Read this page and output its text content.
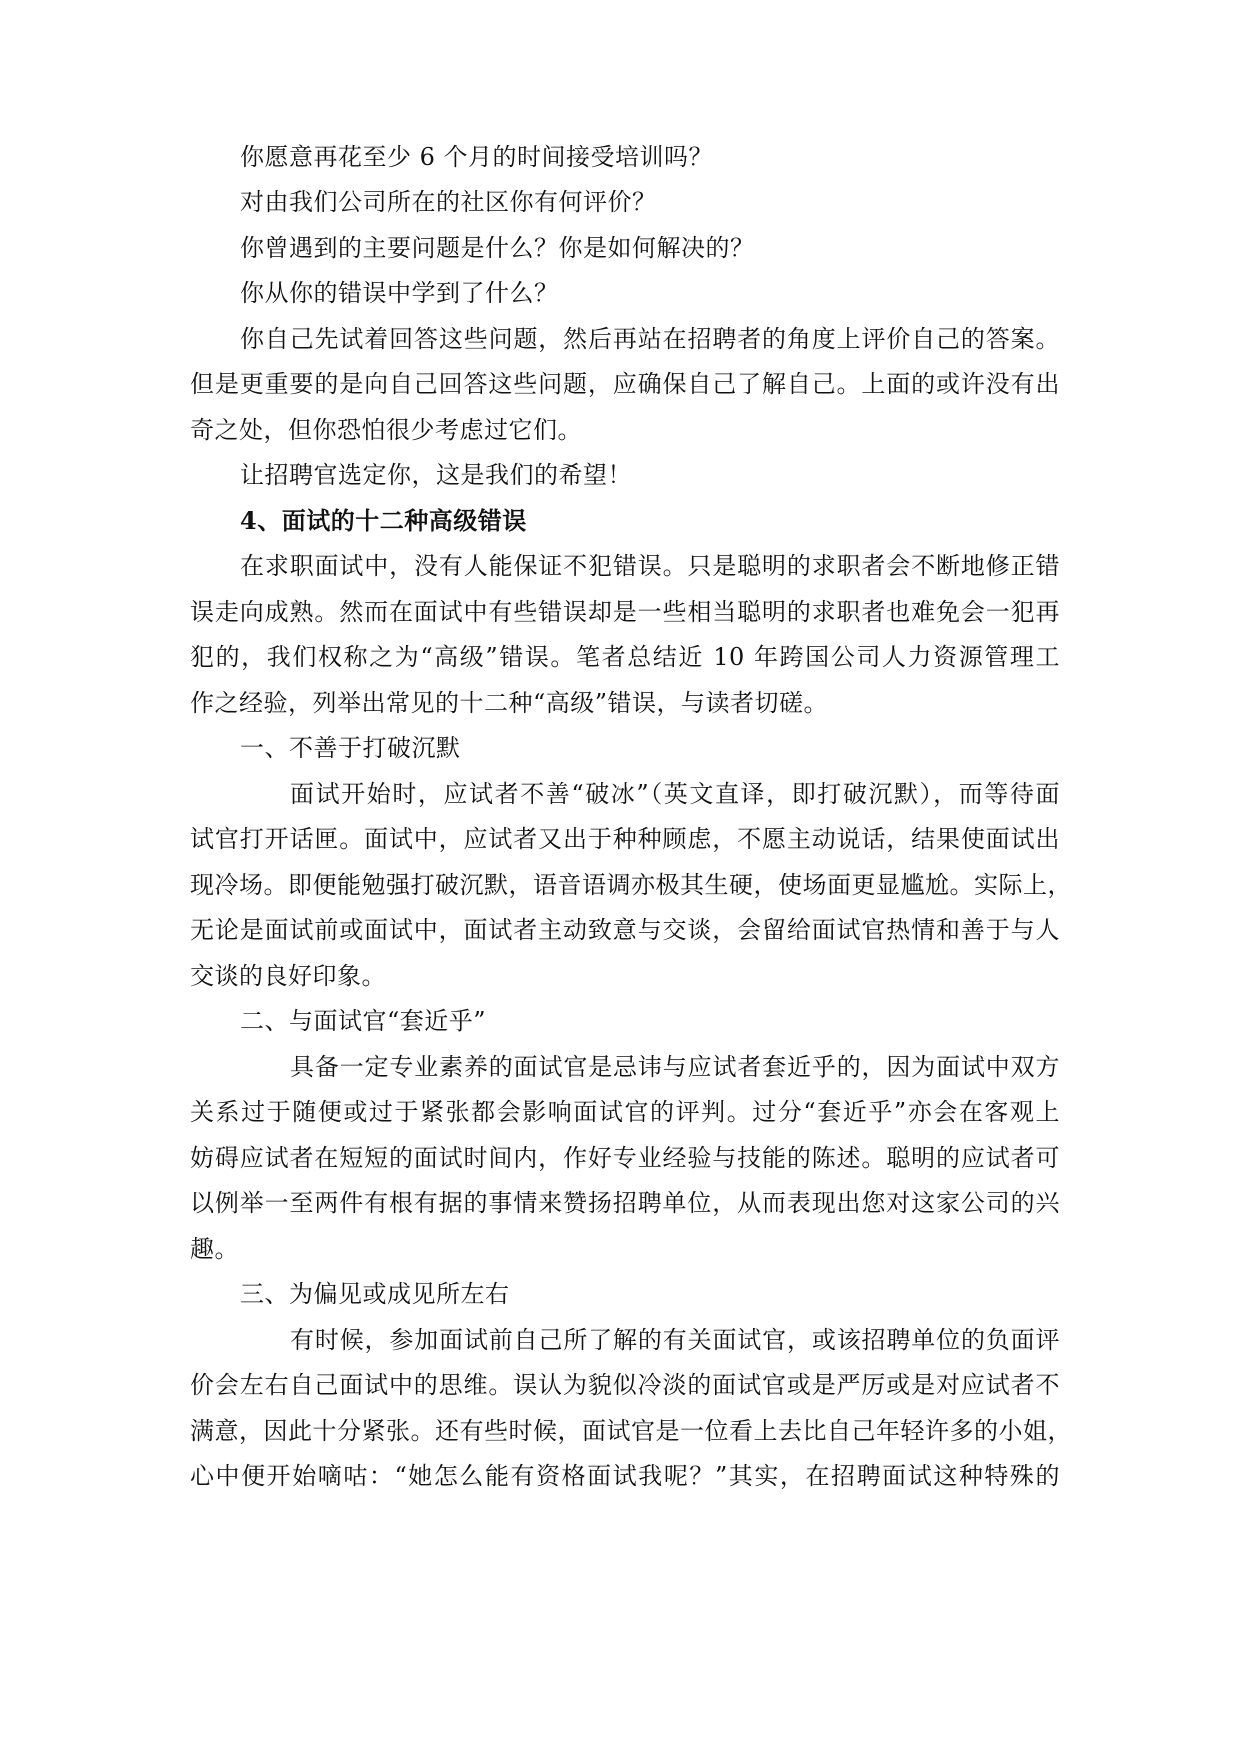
你愿意再花至少 6 个月的时间接受培训吗？
对由我们公司所在的社区你有何评价？
你曾遇到的主要问题是什么？你是如何解决的？
你从你的错误中学到了什么？
你自己先试着回答这些问题，然后再站在招聘者的角度上评价自己的答案。
但是更重要的是向自己回答这些问题，应确保自己了解自己。上面的或许没有出
奇之处，但你恐怕很少考虑过它们。
让招聘官选定你，这是我们的希望！
4、面试的十二种高级错误
在求职面试中，没有人能保证不犯错误。只是聪明的求职者会不断地修正错
误走向成熟。然而在面试中有些错误却是一些相当聪明的求职者也难免会一犯再
犯的，我们权称之为“高级”错误。笔者总结近 10 年跨国公司人力资源管理工
作之经验，列举出常见的十二种“高级”错误，与读者切磋。
一、不善于打破沉默
面试开始时，应试者不善“破冰”（英文直译，即打破沉默），而等待面
试官打开话匣。面试中，应试者又出于种种顾虑，不愿主动说话，结果使面试出
现冷场。即便能勉强打破沉默，语音语调亦极其生硬，使场面更显尴尬。实际上，
无论是面试前或面试中，面试者主动致意与交谈，会留给面试官热情和善于与人
交谈的良好印象。
二、与面试官“套近乎”
具备一定专业素养的面试官是忌讳与应试者套近乎的，因为面试中双方
关系过于随便或过于紧张都会影响面试官的评判。过分“套近乎”亦会在客观上
妨碍应试者在短短的面试时间内，作好专业经验与技能的陈述。聪明的应试者可
以例举一至两件有根有据的事情来赞扬招聘单位，从而表现出您对这家公司的兴
趣。
三、为偏见或成见所左右
有时候，参加面试前自己所了解的有关面试官，或该招聘单位的负面评
价会左右自己面试中的思维。误认为貌似冷淡的面试官或是严厉或是对应试者不
满意，因此十分紧张。还有些时候，面试官是一位看上去比自己年轻许多的小姐，
心中便开始嘀咕：“她怎么能有资格面试我呢？”其实，在招聘面试这种特殊的
